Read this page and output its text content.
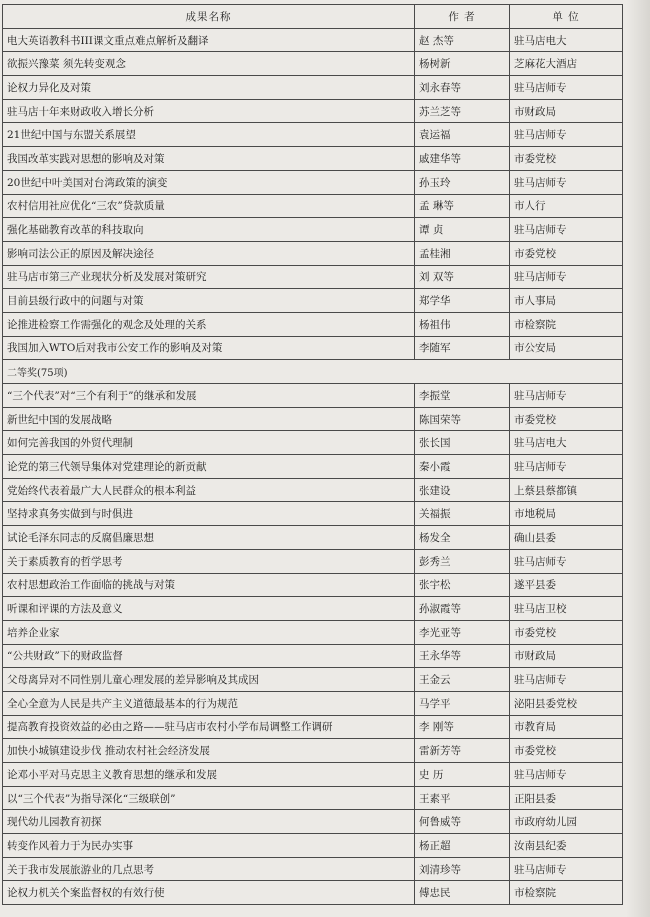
成果名称	作 者	单 位
电大英语教科书III课文重点难点解析及翻译	赵 杰等	驻马店电大
欲振兴豫菜 须先转变观念	杨树新	芝麻花大酒店
论权力异化及对策	刘永春等	驻马店师专
驻马店十年来财政收入增长分析	苏兰芝等	市财政局
21世纪中国与东盟关系展望	袁运福	驻马店师专
我国改革实践对思想的影响及对策	戚建华等	市委党校
20世纪中叶美国对台湾政策的演变	孙玉玲	驻马店师专
农村信用社应优化“三农”贷款质量	孟 琳等	市人行
强化基础教育改革的科技取向	谭 贞	驻马店师专
影响司法公正的原因及解决途径	孟桂湘	市委党校
驻马店市第三产业现状分析及发展对策研究	刘 双等	驻马店师专
目前县级行政中的问题与对策	郑学华	市人事局
论推进检察工作需强化的观念及处理的关系	杨祖伟	市检察院
我国加入WTO后对我市公安工作的影响及对策	李随军	市公安局
二等奖(75项)		
“三个代表”对“三个有利于”的继承和发展	李振堂	驻马店师专
新世纪中国的发展战略	陈国荣等	市委党校
如何完善我国的外贸代理制	张长国	驻马店电大
论党的第三代领导集体对党建理论的新贡献	秦小霞	驻马店师专
党始终代表着最广大人民群众的根本利益	张建设	上蔡县蔡都镇
坚持求真务实做到与时俱进	关福振	市地税局
试论毛泽东同志的反腐倡廉思想	杨发全	确山县委
关于素质教育的哲学思考	彭秀兰	驻马店师专
农村思想政治工作面临的挑战与对策	张宇松	遂平县委
听课和评课的方法及意义	孙淑霞等	驻马店卫校
培养企业家	李光亚等	市委党校
“公共财政”下的财政监督	王永华等	市财政局
父母离异对不同性别儿童心理发展的差异影响及其成因	王金云	驻马店师专
全心全意为人民是共产主义道德最基本的行为规范	马学平	泌阳县委党校
提高教育投资效益的必由之路——驻马店市农村小学布局调整工作调研	李 刚等	市教育局
加快小城镇建设步伐 推动农村社会经济发展	雷新芳等	市委党校
论邓小平对马克思主义教育思想的继承和发展	史 历	驻马店师专
以“三个代表”为指导深化“三级联创”	王素平	正阳县委
现代幼儿园教育初探	何鲁威等	市政府幼儿园
转变作风着力于为民办实事	杨正超	汝南县纪委
关于我市发展旅游业的几点思考	刘清珍等	驻马店师专
论权力机关个案监督权的有效行使	傅忠民	市检察院
